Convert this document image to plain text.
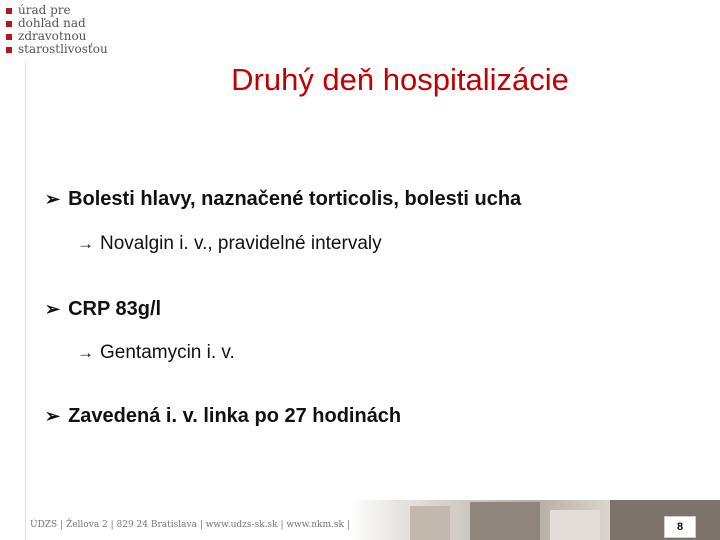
úrad pre
dohľad nad
zdravotnou
starostlivosťou
Druhý deň hospitalizácie
➢ Bolesti hlavy, naznačené torticolis, bolesti ucha
→ Novalgin i. v., pravidelné intervaly
➢ CRP 83g/l
→ Gentamycin i. v.
➢ Zavedená i. v. linka po 27 hodinách
ÚDZS | Žellova 2 | 829 24 Bratislava | www.udzs-sk.sk | www.nkm.sk |	8
